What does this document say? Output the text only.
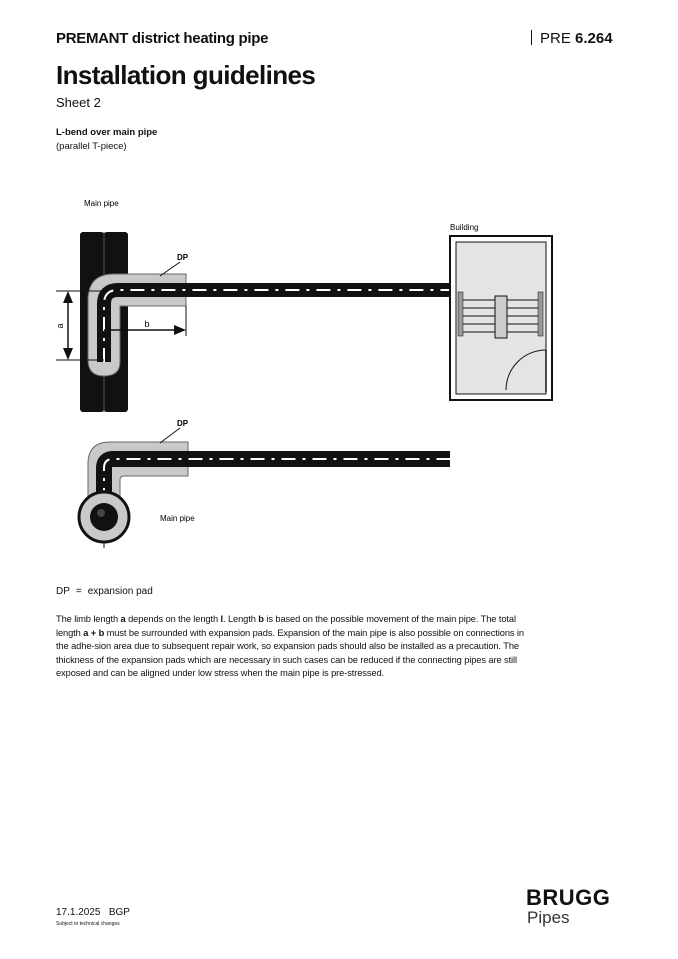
PREMANT district heating pipe	PRE 6.264
Installation guidelines
Sheet 2
L-bend over main pipe
(parallel T-piece)
a	b
DP
Main pipe
Building
DP
Main pipe
DP = expansion pad
The limb length a depends on the length l. Length b is based on the possible movement of the main pipe. The total length a + b must be surrounded with expansion pads. Expansion of the main pipe is also possible on connections in the adhe-sion area due to subsequent repair work, so expansion pads should also be installed as a precaution. The thickness of the expansion pads which are necessary in such cases can be reduced if the connecting pipes are still exposed and can be aligned under low stress when the main pipe is pre-stressed.
17.1.2025   BGP
Subject to technical changes
BRUGG
Pipes
